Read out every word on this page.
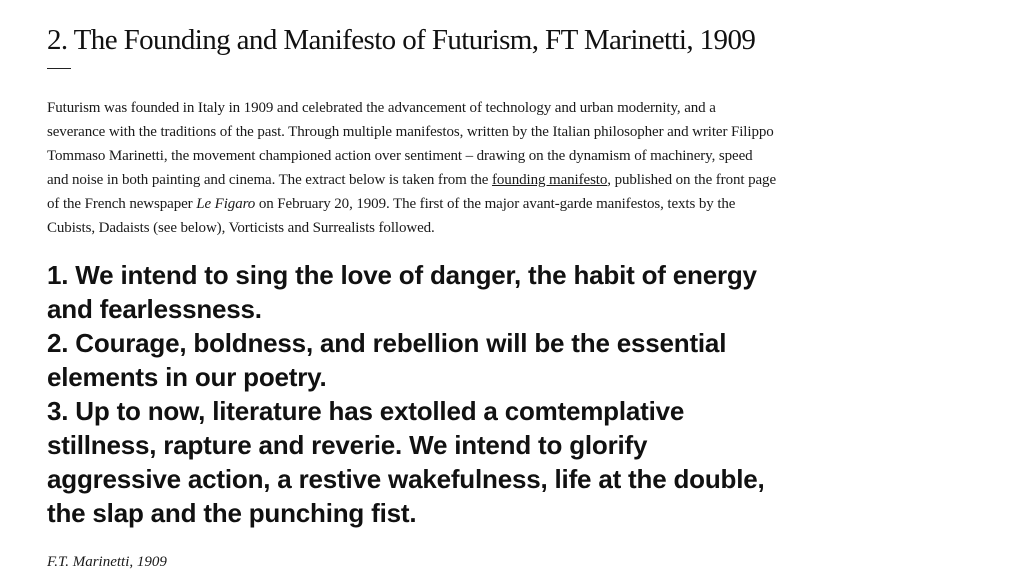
2. The Founding and Manifesto of Futurism, FT Marinetti, 1909

Futurism was founded in Italy in 1909 and celebrated the advancement of technology and urban modernity, and a severance with the traditions of the past. Through multiple manifestos, written by the Italian philosopher and writer Filippo Tommaso Marinetti, the movement championed action over sentiment – drawing on the dynamism of machinery, speed and noise in both painting and cinema. The extract below is taken from the founding manifesto, published on the front page of the French newspaper Le Figaro on February 20, 1909. The first of the major avant-garde manifestos, texts by the Cubists, Dadaists (see below), Vorticists and Surrealists followed.

1. We intend to sing the love of danger, the habit of energy and fearlessness.

2. Courage, boldness, and rebellion will be the essential elements in our poetry.

3. Up to now, literature has extolled a comtemplative stillness, rapture and reverie. We intend to glorify aggressive action, a restive wakefulness, life at the double, the slap and the punching fist.

F.T. Marinetti, 1909
